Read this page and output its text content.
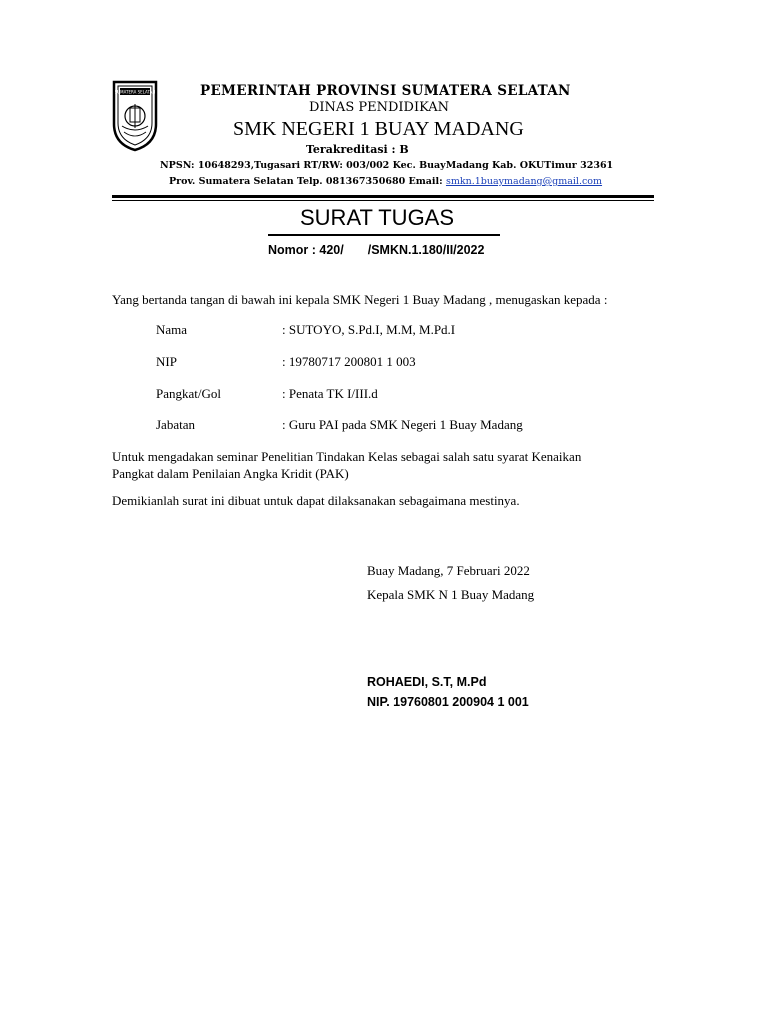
SUMATERA SELATAN	PEMERINTAH PROVINSI SUMATERA SELATAN
DINAS PENDIDIKAN
SMK NEGERI 1 BUAY MADANG
Terakreditasi : B
NPSN: 10648293,Tugasari RT/RW: 003/002 Kec. BuayMadang Kab. OKUTimur 32361
Prov. Sumatera Selatan Telp. 081367350680 Email: smkn.1buaymadang@gmail.com
SURAT TUGAS
Nomor : 420/ /SMKN.1.180/II/2022
Yang bertanda tangan di bawah ini kepala SMK Negeri 1 Buay Madang , menugaskan kepada :
Nama	: SUTOYO, S.Pd.I, M.M, M.Pd.I
NIP	: 19780717 200801 1 003
Pangkat/Gol	: Penata TK I/III.d
Jabatan	: Guru PAI pada SMK Negeri 1 Buay Madang
Untuk mengadakan seminar Penelitian Tindakan Kelas sebagai salah satu syarat Kenaikan
Pangkat dalam Penilaian Angka Kridit (PAK)
Demikianlah surat ini dibuat untuk dapat dilaksanakan sebagaimana mestinya.
Buay Madang, 7 Februari 2022
Kepala SMK N 1 Buay Madang
ROHAEDI, S.T, M.Pd
NIP. 19760801 200904 1 001
